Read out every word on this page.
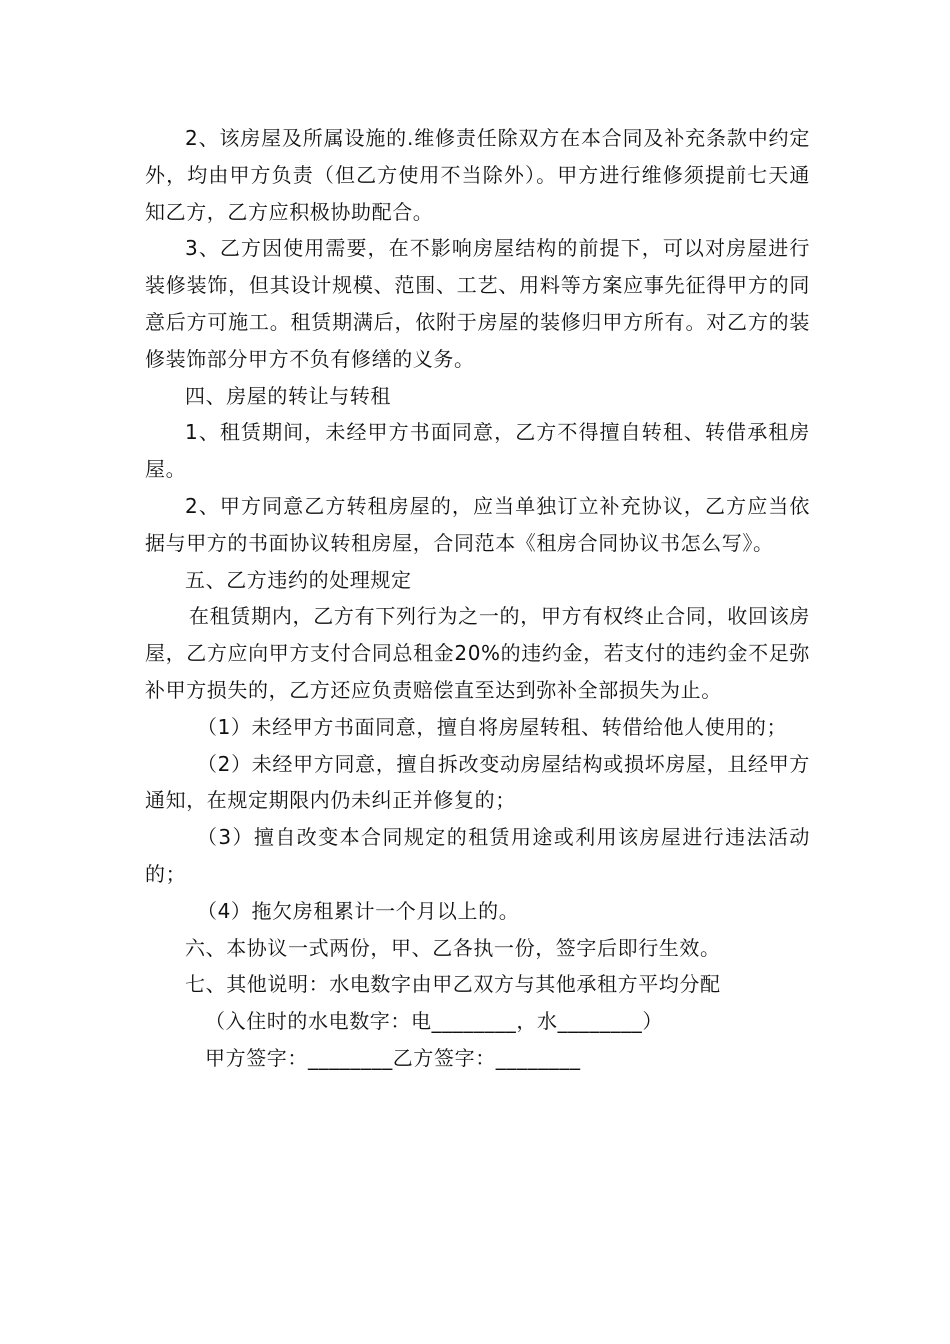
2、该房屋及所属设施的.维修责任除双方在本合同及补充条款中约定外，均由甲方负责（但乙方使用不当除外）。甲方进行维修须提前七天通知乙方，乙方应积极协助配合。

3、乙方因使用需要，在不影响房屋结构的前提下，可以对房屋进行装修装饰，但其设计规模、范围、工艺、用料等方案应事先征得甲方的同意后方可施工。租赁期满后，依附于房屋的装修归甲方所有。对乙方的装修装饰部分甲方不负有修缮的义务。

四、房屋的转让与转租

1、租赁期间，未经甲方书面同意，乙方不得擅自转租、转借承租房屋。

2、甲方同意乙方转租房屋的，应当单独订立补充协议，乙方应当依据与甲方的书面协议转租房屋，合同范本《租房合同协议书怎么写》。

五、乙方违约的处理规定

在租赁期内，乙方有下列行为之一的，甲方有权终止合同，收回该房屋，乙方应向甲方支付合同总租金20%的违约金，若支付的违约金不足弥补甲方损失的，乙方还应负责赔偿直至达到弥补全部损失为止。

（1）未经甲方书面同意，擅自将房屋转租、转借给他人使用的；

（2）未经甲方同意，擅自拆改变动房屋结构或损坏房屋，且经甲方通知，在规定期限内仍未纠正并修复的；

（3）擅自改变本合同规定的租赁用途或利用该房屋进行违法活动的；

（4）拖欠房租累计一个月以上的。

六、本协议一式两份，甲、乙各执一份，签字后即行生效。

七、其他说明：水电数字由甲乙双方与其他承租方平均分配

（入住时的水电数字：电________，水________）

甲方签字：________乙方签字：________
